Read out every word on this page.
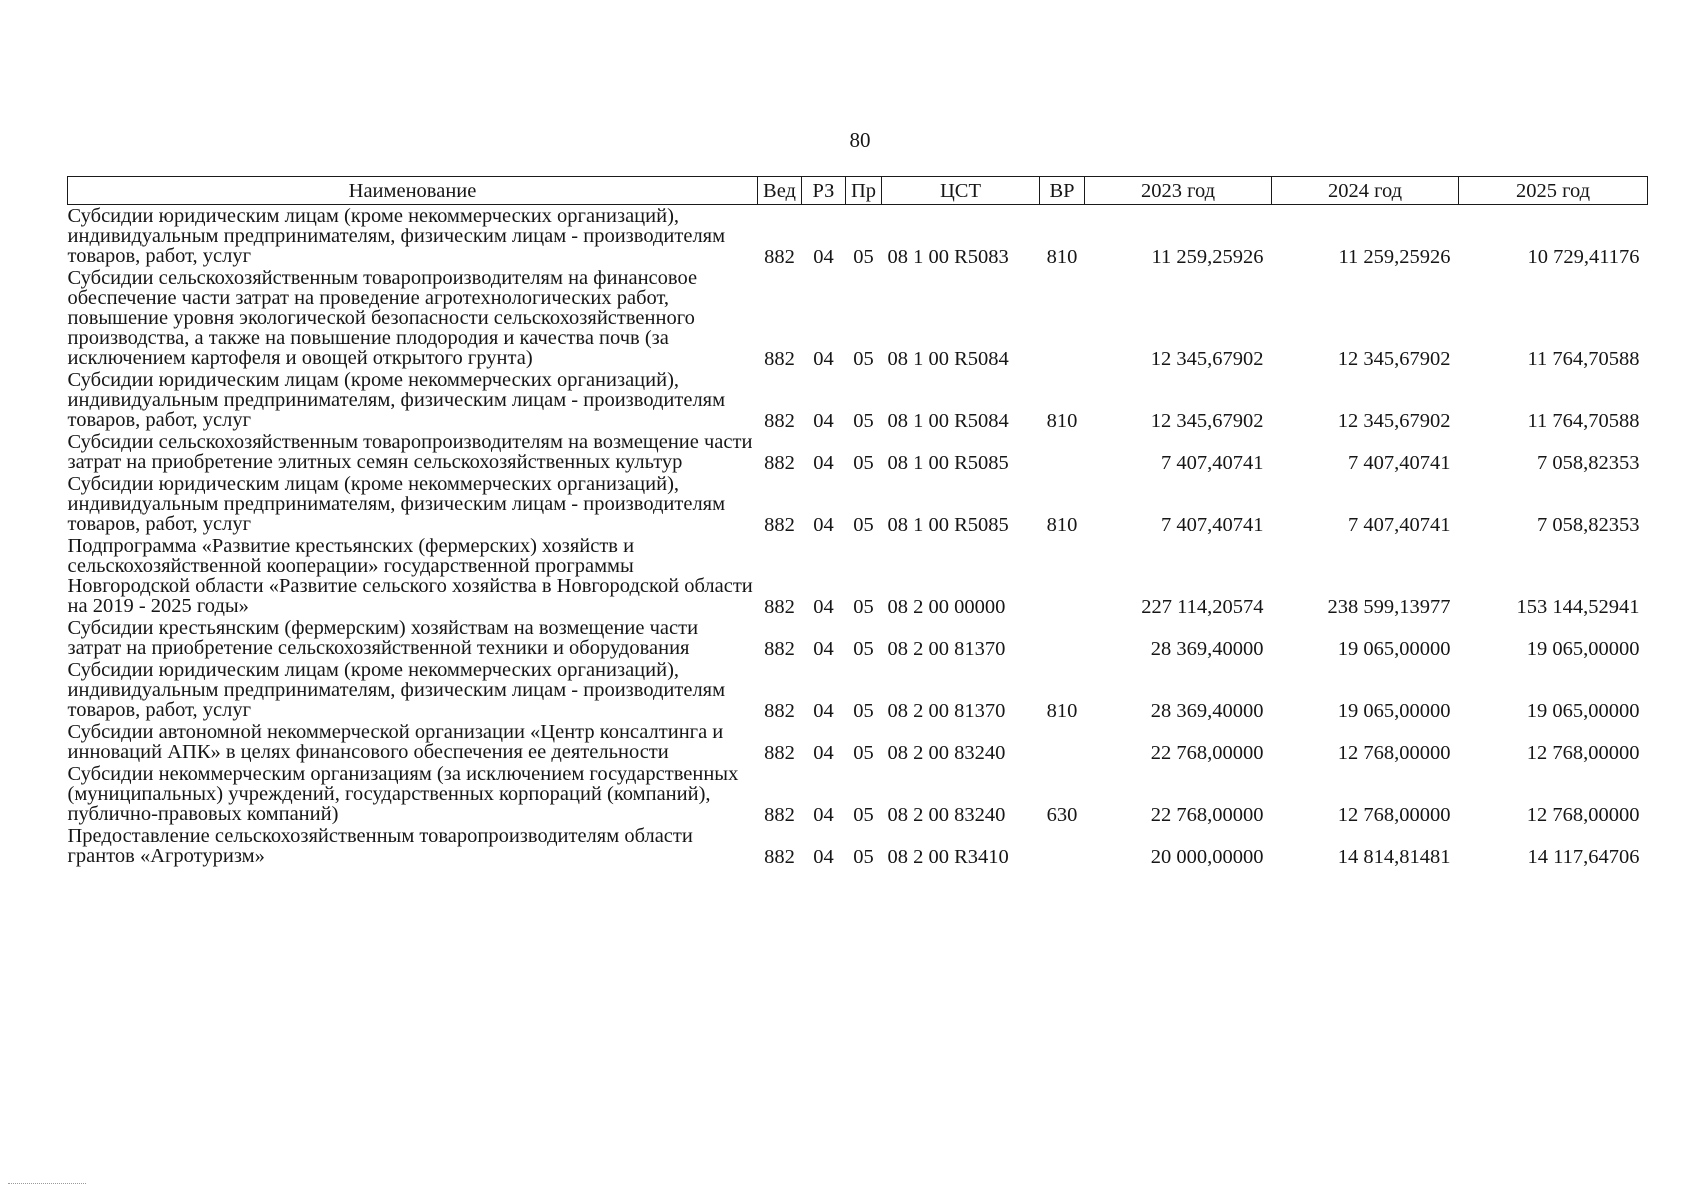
80
Наименование	Вед	РЗ	Пр	ЦСТ	ВР	2023 год	2024 год	2025 год
Субсидии юридическим лицам (кроме некоммерческих организаций), индивидуальным предпринимателям, физическим лицам - производителям товаров, работ, услуг	882	04	05	08 1 00 R5083	810	11 259,25926	11 259,25926	10 729,41176
Субсидии сельскохозяйственным товаропроизводителям на финансовое обеспечение части затрат на проведение агротехнологических работ, повышение уровня экологической безопасности сельскохозяйственного производства, а также на повышение плодородия и качества почв (за исключением картофеля и овощей открытого грунта)	882	04	05	08 1 00 R5084		12 345,67902	12 345,67902	11 764,70588
Субсидии юридическим лицам (кроме некоммерческих организаций), индивидуальным предпринимателям, физическим лицам - производителям товаров, работ, услуг	882	04	05	08 1 00 R5084	810	12 345,67902	12 345,67902	11 764,70588
Субсидии сельскохозяйственным товаропроизводителям на возмещение части затрат на приобретение элитных семян сельскохозяйственных культур	882	04	05	08 1 00 R5085		7 407,40741	7 407,40741	7 058,82353
Субсидии юридическим лицам (кроме некоммерческих организаций), индивидуальным предпринимателям, физическим лицам - производителям товаров, работ, услуг	882	04	05	08 1 00 R5085	810	7 407,40741	7 407,40741	7 058,82353
Подпрограмма «Развитие крестьянских (фермерских) хозяйств и сельскохозяйственной кооперации» государственной программы Новгородской области «Развитие сельского хозяйства в Новгородской области на 2019 - 2025 годы»	882	04	05	08 2 00 00000		227 114,20574	238 599,13977	153 144,52941
Субсидии крестьянским (фермерским) хозяйствам на возмещение части затрат на приобретение сельскохозяйственной техники и оборудования	882	04	05	08 2 00 81370		28 369,40000	19 065,00000	19 065,00000
Субсидии юридическим лицам (кроме некоммерческих организаций), индивидуальным предпринимателям, физическим лицам - производителям товаров, работ, услуг	882	04	05	08 2 00 81370	810	28 369,40000	19 065,00000	19 065,00000
Субсидии автономной некоммерческой организации «Центр консалтинга и инноваций АПК» в целях финансового обеспечения ее деятельности	882	04	05	08 2 00 83240		22 768,00000	12 768,00000	12 768,00000
Субсидии некоммерческим организациям (за исключением государственных (муниципальных) учреждений, государственных корпораций (компаний), публично-правовых компаний)	882	04	05	08 2 00 83240	630	22 768,00000	12 768,00000	12 768,00000
Предоставление сельскохозяйственным товаропроизводителям области грантов «Агротуризм»	882	04	05	08 2 00 R3410		20 000,00000	14 814,81481	14 117,64706
